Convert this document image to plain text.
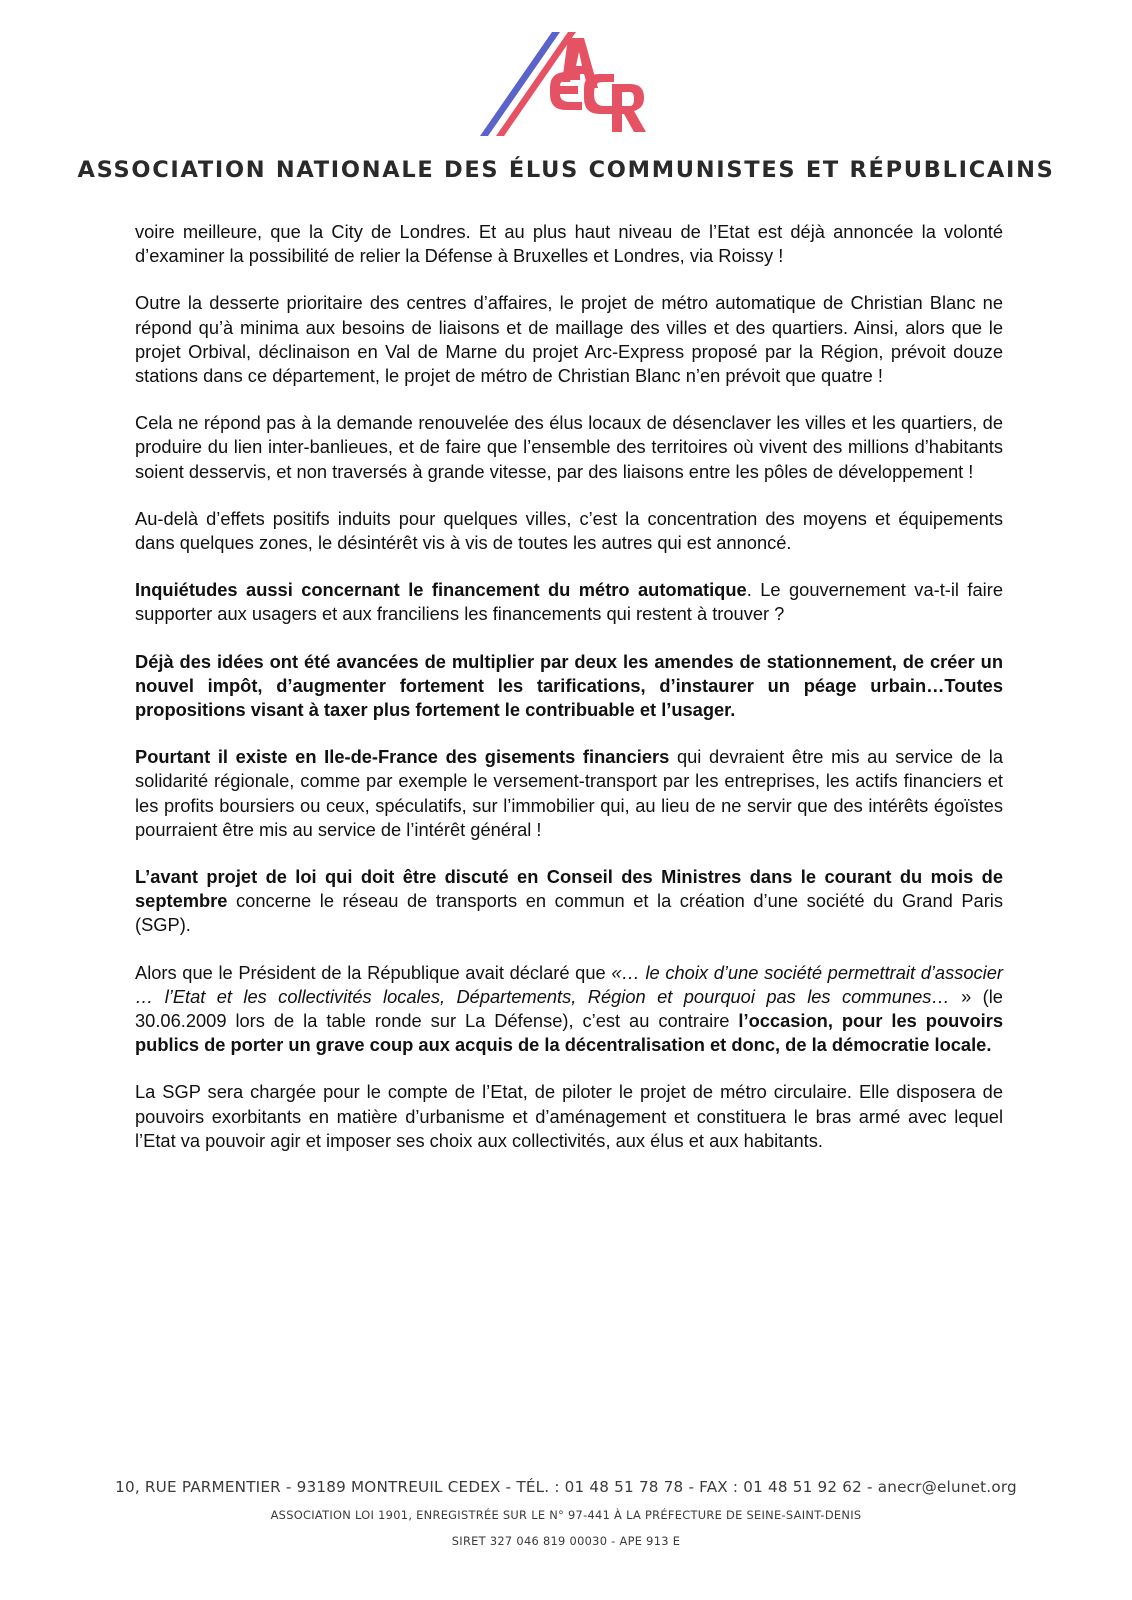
ASSOCIATION NATIONALE DES ÉLUS COMMUNISTES ET RÉPUBLICAINS

voire meilleure, que la City de Londres. Et au plus haut niveau de l’Etat est déjà annoncée la volonté d’examiner la possibilité de relier la Défense à Bruxelles et Londres, via Roissy !

Outre la desserte prioritaire des centres d’affaires, le projet de métro automatique de Christian Blanc ne répond qu’à minima aux besoins de liaisons et de maillage des villes et des quartiers. Ainsi, alors que le projet Orbival, déclinaison en Val de Marne du projet Arc-Express proposé par la Région, prévoit douze stations dans ce département, le projet de métro de Christian Blanc n’en prévoit que quatre !

Cela ne répond pas à la demande renouvelée des élus locaux de désenclaver les villes et les quartiers, de produire du lien inter-banlieues, et de faire que l’ensemble des territoires où vivent des millions d’habitants soient desservis, et non traversés à grande vitesse, par des liaisons entre les pôles de développement !

Au-delà d’effets positifs induits pour quelques villes, c’est la concentration des moyens et équipements dans quelques zones, le désintérêt vis à vis de toutes les autres qui est annoncé.

Inquiétudes aussi concernant le financement du métro automatique. Le gouvernement va-t-il faire supporter aux usagers et aux franciliens les financements qui restent à trouver ?

Déjà des idées ont été avancées de multiplier par deux les amendes de stationnement, de créer un nouvel impôt, d’augmenter fortement les tarifications, d’instaurer un péage urbain…Toutes propositions visant à taxer plus fortement le contribuable et l’usager.

Pourtant il existe en Ile-de-France des gisements financiers qui devraient être mis au service de la solidarité régionale, comme par exemple le versement-transport par les entreprises, les actifs financiers et les profits boursiers ou ceux, spéculatifs, sur l’immobilier qui, au lieu de ne servir que des intérêts égoïstes pourraient être mis au service de l’intérêt général !

L’avant projet de loi qui doit être discuté en Conseil des Ministres dans le courant du mois de septembre concerne le réseau de transports en commun et la création d’une société du Grand Paris (SGP).

Alors que le Président de la République avait déclaré que «… le choix d’une société permettrait d’associer … l’Etat et les collectivités locales, Départements, Région et pourquoi pas les communes… » (le 30.06.2009 lors de la table ronde sur La Défense), c’est au contraire l’occasion, pour les pouvoirs publics de porter un grave coup aux acquis de la décentralisation et donc, de la démocratie locale.

La SGP sera chargée pour le compte de l’Etat, de piloter le projet de métro circulaire. Elle disposera de pouvoirs exorbitants en matière d’urbanisme et d’aménagement et constituera le bras armé avec lequel l’Etat va pouvoir agir et imposer ses choix aux collectivités, aux élus et aux habitants.

10, RUE PARMENTIER - 93189 MONTREUIL CEDEX - TÉL. : 01 48 51 78 78 - FAX : 01 48 51 92 62 - anecr@elunet.org
ASSOCIATION LOI 1901, ENREGISTRÉE SUR LE N° 97-441 À LA PRÉFECTURE DE SEINE-SAINT-DENIS
SIRET 327 046 819 00030 - APE 913 E
